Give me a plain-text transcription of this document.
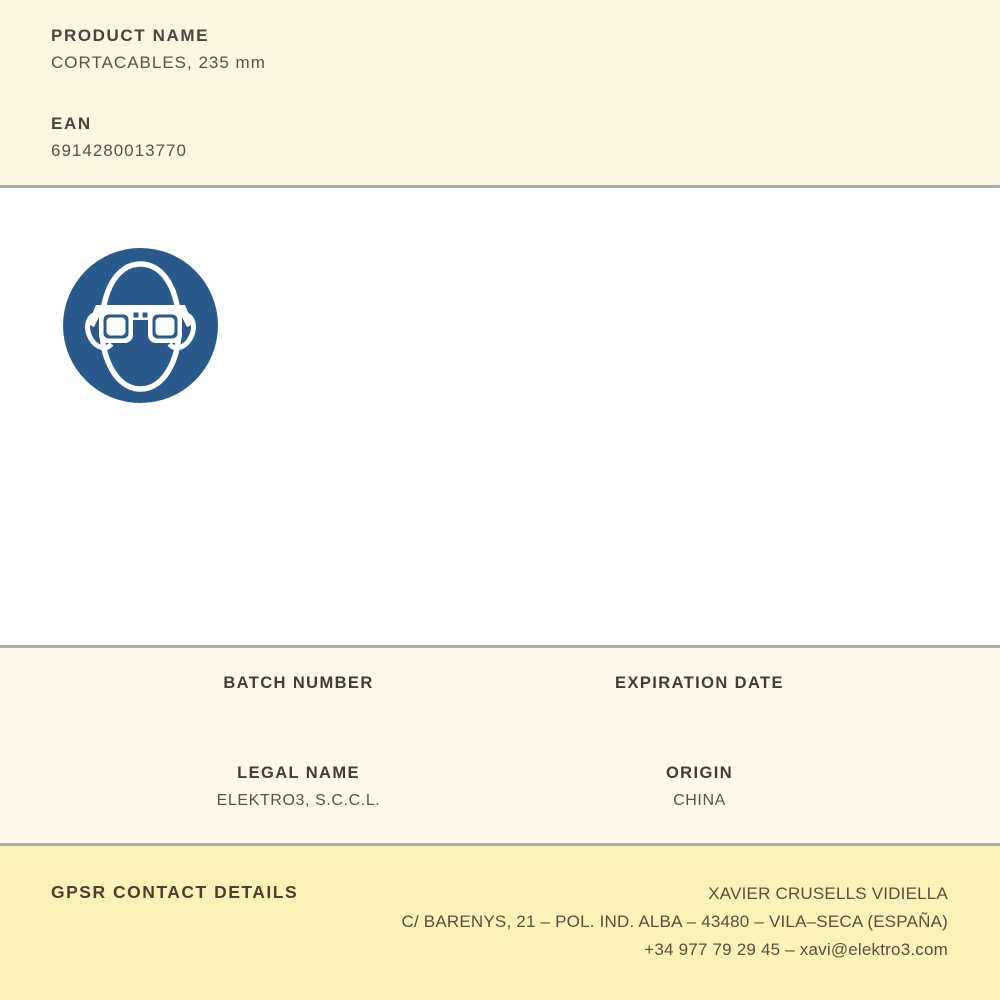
PRODUCT NAME
CORTACABLES, 235 mm
EAN
6914280013770
BATCH NUMBER	EXPIRATION DATE
LEGAL NAME
ELEKTRO3, S.C.C.L.
ORIGIN
CHINA
GPSR CONTACT DETAILS	XAVIER CRUSELLS VIDIELLA
C/ BARENYS, 21 – POL. IND. ALBA – 43480 – VILA–SECA (ESPAÑA)
+34 977 79 29 45 – xavi@elektro3.com
